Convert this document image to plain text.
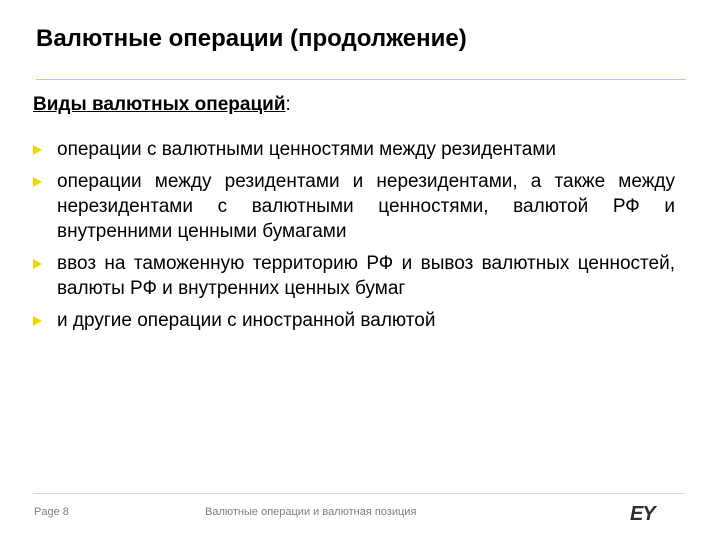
Валютные операции (продолжение)

Виды валютных операций:

операции с валютными ценностями между резидентами
операции между резидентами и нерезидентами, а также между нерезидентами с валютными ценностями, валютой РФ и внутренними ценными бумагами
ввоз на таможенную территорию РФ и вывоз валютных ценностей, валюты РФ и внутренних ценных бумаг
и другие операции с иностранной валютой
Page 8	Валютные операции и валютная позиция	EY
